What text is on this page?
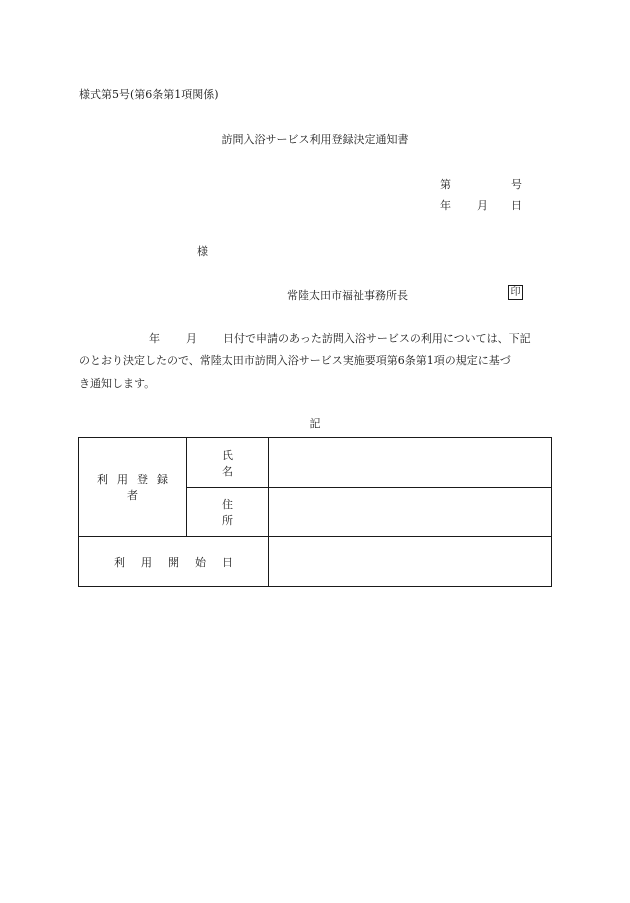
様式第5号(第6条第1項関係)
訪問入浴サービス利用登録決定通知書
第	号
年 月 日
様
常陸太田市福祉事務所長	印
年 月 日付で申請のあった訪問入浴サービスの利用については、下記
のとおり決定したので、常陸太田市訪問入浴サービス実施要項第6条第1項の規定に基づ
き通知します。
記
利用登録者
氏名
住所
利用開始日
